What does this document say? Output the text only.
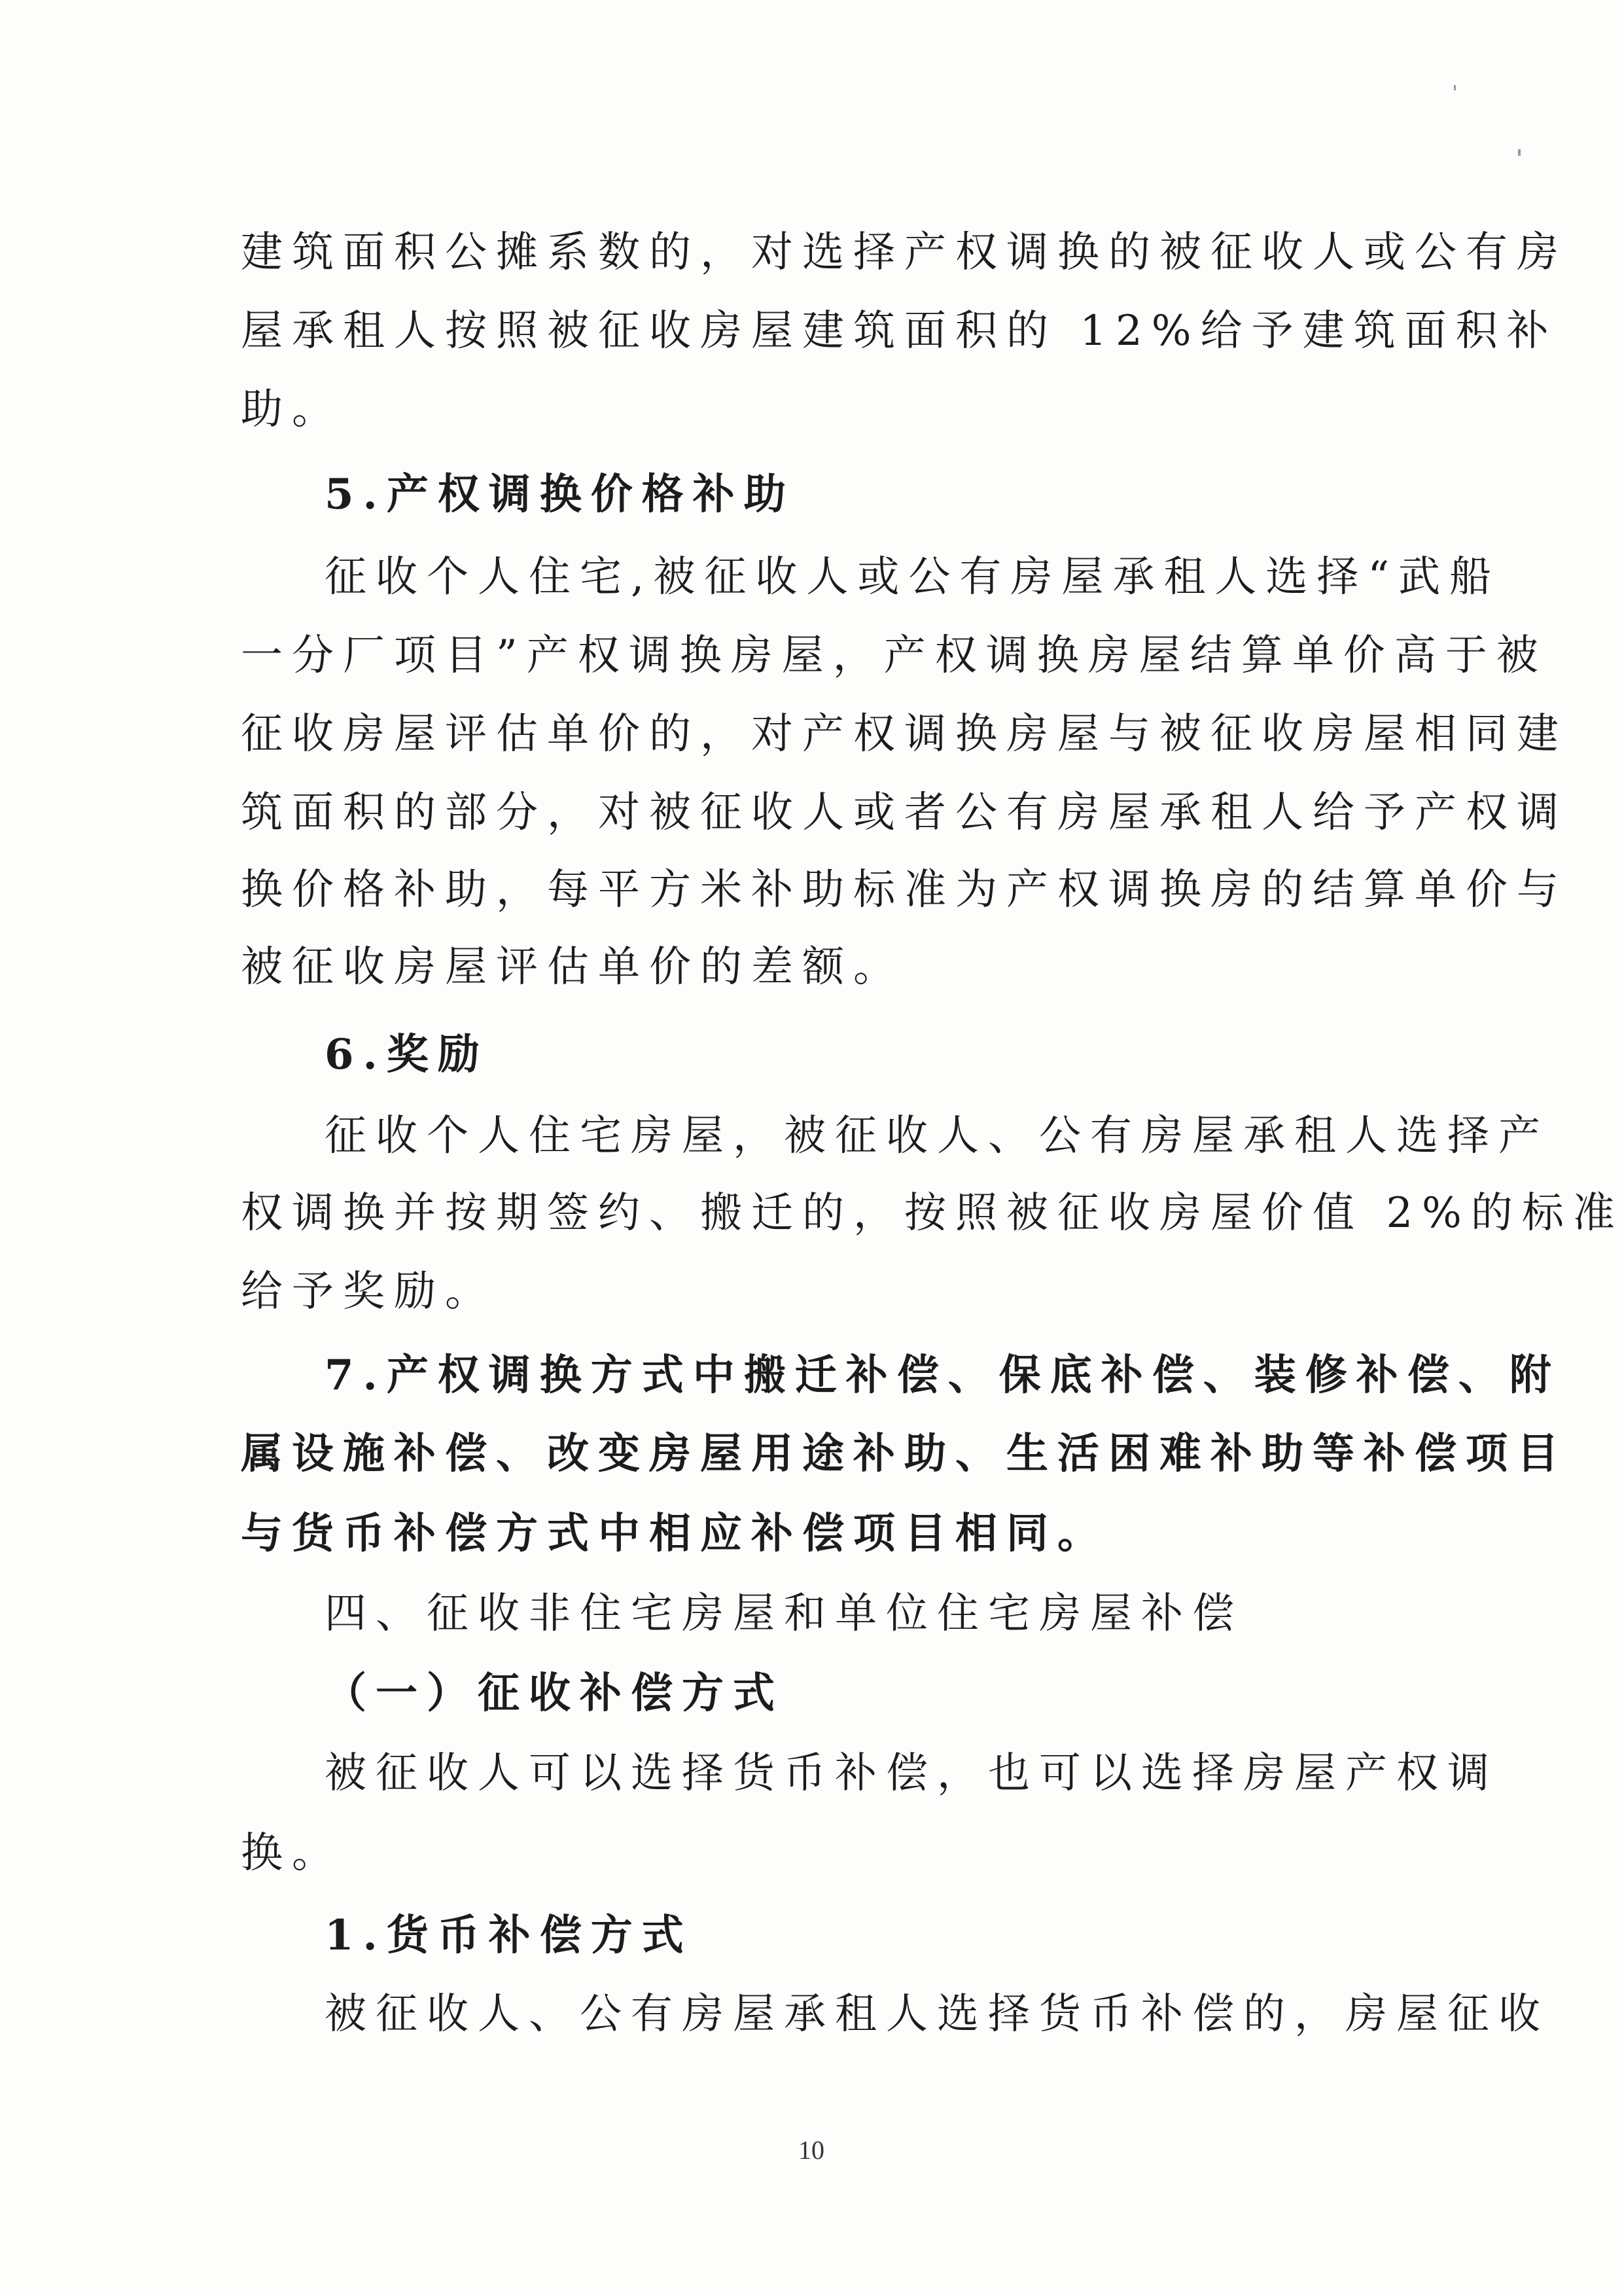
建筑面积公摊系数的，对选择产权调换的被征收人或公有房
屋承租人按照被征收房屋建筑面积的 12%给予建筑面积补
助。
5.产权调换价格补助
征收个人住宅,被征收人或公有房屋承租人选择“武船
一分厂项目”产权调换房屋，产权调换房屋结算单价高于被
征收房屋评估单价的，对产权调换房屋与被征收房屋相同建
筑面积的部分，对被征收人或者公有房屋承租人给予产权调
换价格补助，每平方米补助标准为产权调换房的结算单价与
被征收房屋评估单价的差额。
6.奖励
征收个人住宅房屋，被征收人、公有房屋承租人选择产
权调换并按期签约、搬迁的，按照被征收房屋价值 2%的标准
给予奖励。
7.产权调换方式中搬迁补偿、保底补偿、装修补偿、附
属设施补偿、改变房屋用途补助、生活困难补助等补偿项目
与货币补偿方式中相应补偿项目相同。
四、征收非住宅房屋和单位住宅房屋补偿
（一）征收补偿方式
被征收人可以选择货币补偿，也可以选择房屋产权调
换。
1.货币补偿方式
被征收人、公有房屋承租人选择货币补偿的，房屋征收
10
